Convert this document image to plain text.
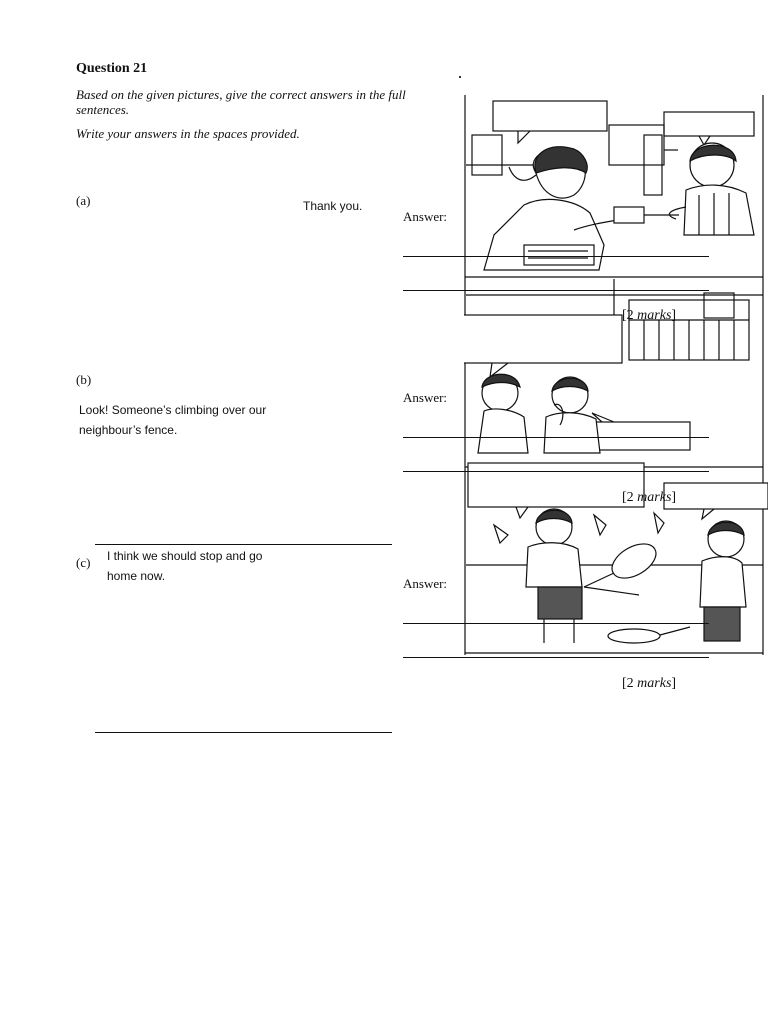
Question 21
Based on the given pictures, give the correct answers in the full sentences.
Write your answers in the spaces provided.
(a)	Thank you.
(b)
Look! Someone’s climbing over our neighbour’s fence.
(c) I think we should stop and go home now.
Answer:
[2 marks]
Answer:
[2 marks]
Answer:
[2 marks]
